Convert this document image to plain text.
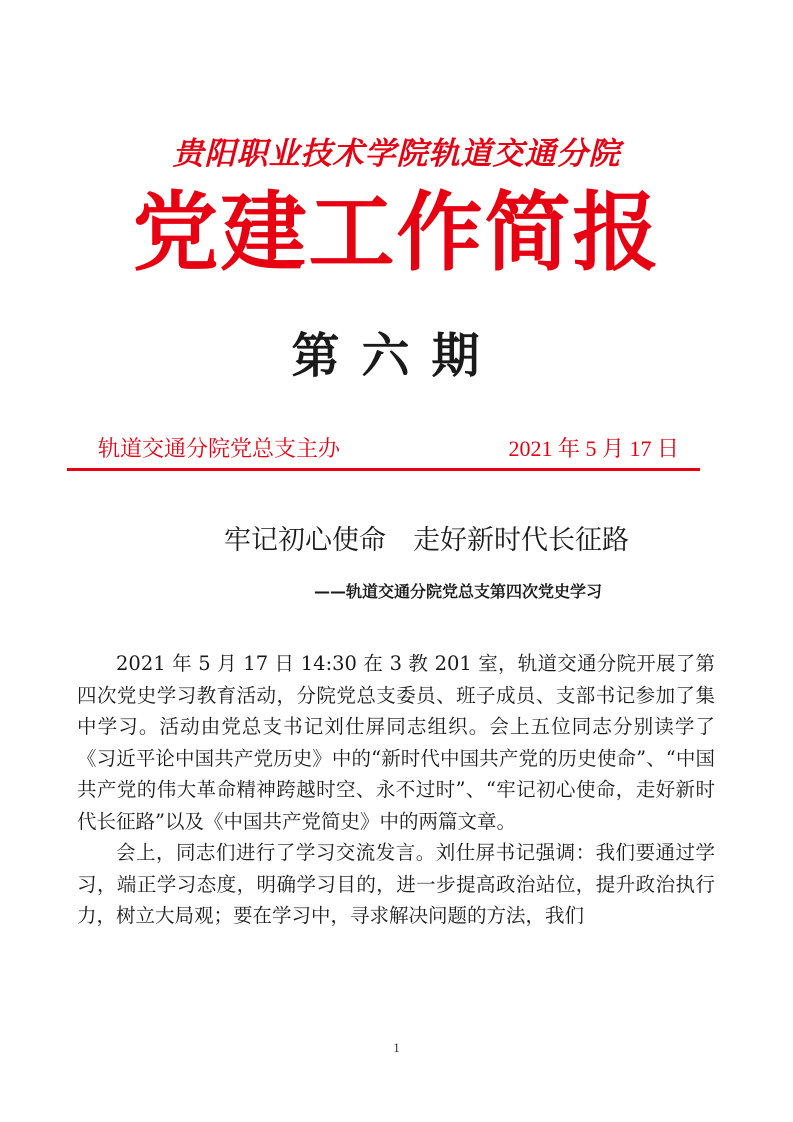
贵阳职业技术学院轨道交通分院
党建工作简报
第六期
轨道交通分院党总支主办	2021 年 5 月 17 日
牢记初心使命　走好新时代长征路
——轨道交通分院党总支第四次党史学习

2021 年 5 月 17 日 14:30 在 3 教 201 室，轨道交通分院开展了第四次党史学习教育活动，分院党总支委员、班子成员、支部书记参加了集中学习。活动由党总支书记刘仕屏同志组织。会上五位同志分别读学了《习近平论中国共产党历史》中的“新时代中国共产党的历史使命”、“中国共产党的伟大革命精神跨越时空、永不过时”、“牢记初心使命，走好新时代长征路”以及《中国共产党简史》中的两篇文章。

会上，同志们进行了学习交流发言。刘仕屏书记强调：我们要通过学习，端正学习态度，明确学习目的，进一步提高政治站位，提升政治执行力，树立大局观；要在学习中，寻求解决问题的方法，我们

1
